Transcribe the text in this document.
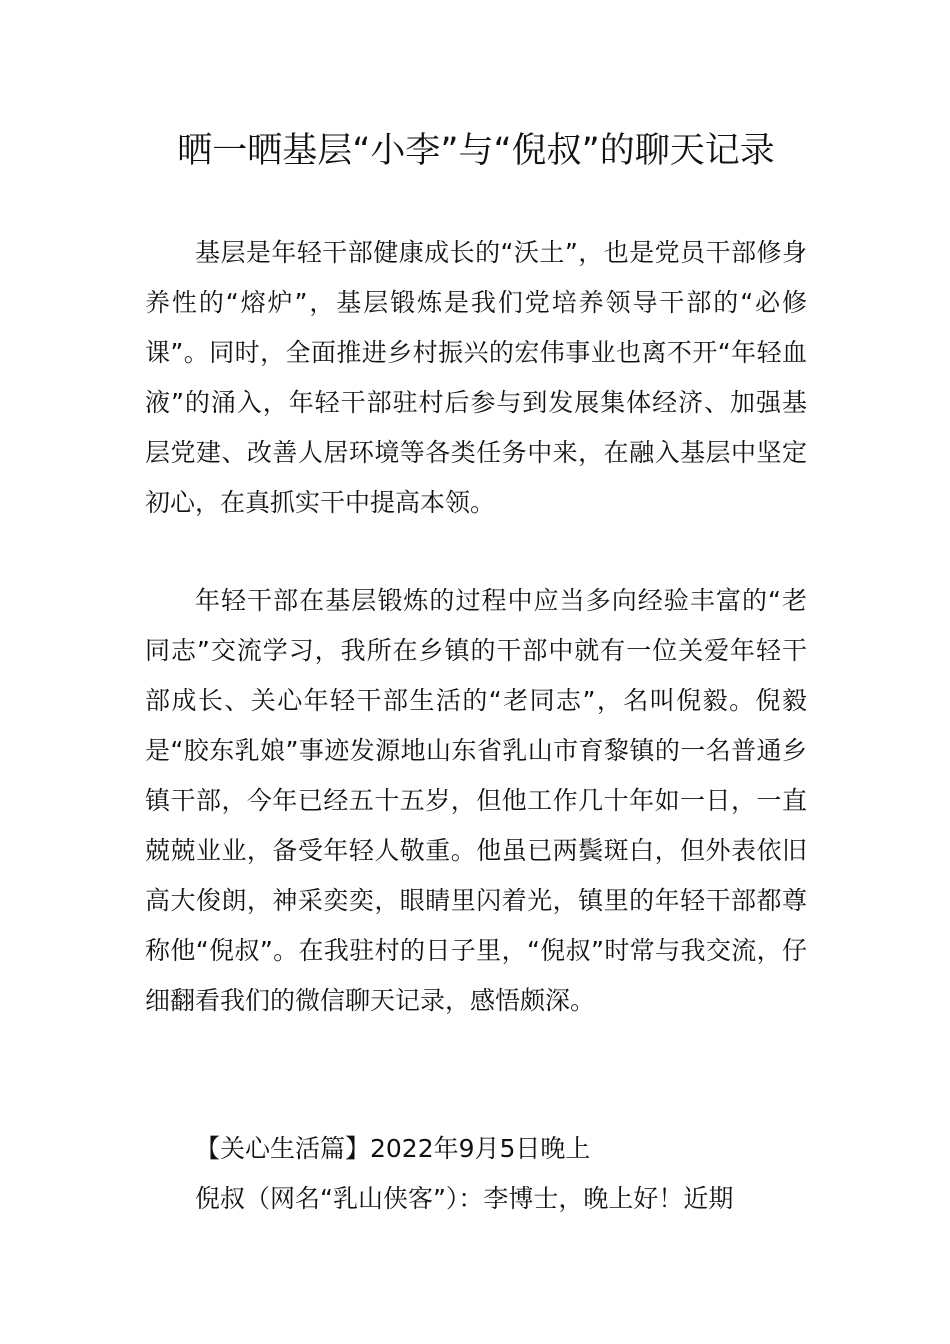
晒一晒基层“小李”与“倪叔”的聊天记录

基层是年轻干部健康成长的“沃土”，也是党员干部修身养性的“熔炉”，基层锻炼是我们党培养领导干部的“必修课”。同时，全面推进乡村振兴的宏伟事业也离不开“年轻血液”的涌入，年轻干部驻村后参与到发展集体经济、加强基层党建、改善人居环境等各类任务中来，在融入基层中坚定初心，在真抓实干中提高本领。

年轻干部在基层锻炼的过程中应当多向经验丰富的“老同志”交流学习，我所在乡镇的干部中就有一位关爱年轻干部成长、关心年轻干部生活的“老同志”，名叫倪毅。倪毅是“胶东乳娘”事迹发源地山东省乳山市育黎镇的一名普通乡镇干部，今年已经五十五岁，但他工作几十年如一日，一直兢兢业业，备受年轻人敬重。他虽已两鬓斑白，但外表依旧高大俊朗，神采奕奕，眼睛里闪着光，镇里的年轻干部都尊称他“倪叔”。在我驻村的日子里，“倪叔”时常与我交流，仔细翻看我们的微信聊天记录，感悟颇深。

【关心生活篇】2022年9月5日晚上

倪叔（网名“乳山侠客”）：李博士，晚上好！近期
